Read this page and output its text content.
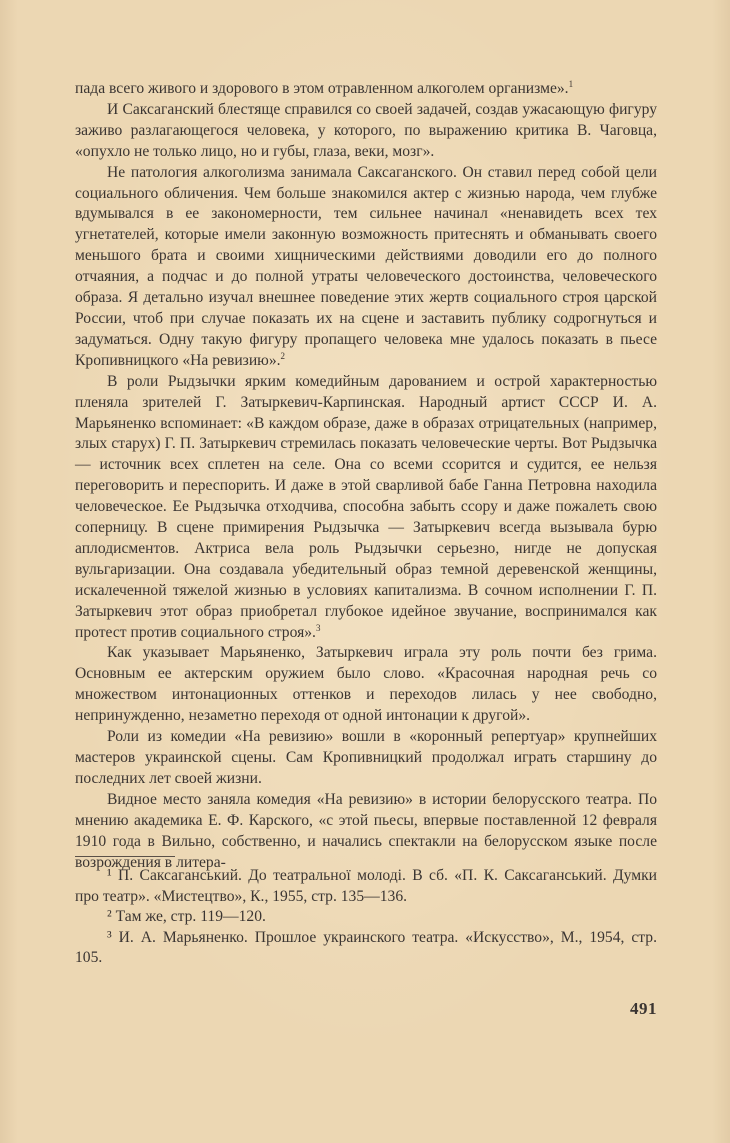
пада всего живого и здорового в этом отравленном алкоголем организме».$^1$

И Саксаганский блестяще справился со своей задачей, создав ужасающую фигуру заживо разлагающегося человека, у которого, по выражению критика В. Чаговца, «опухло не только лицо, но и губы, глаза, веки, мозг».

Не патология алкоголизма занимала Саксаганского. Он ставил перед собой цели социального обличения. Чем больше знакомился актер с жизнью народа, чем глубже вдумывался в ее закономерности, тем сильнее начинал «ненавидеть всех тех угнетателей, которые имели законную возможность притеснять и обманывать своего меньшого брата и своими хищническими действиями доводили его до полного отчаяния, а подчас и до полной утраты человеческого достоинства, человеческого образа. Я детально изучал внешнее поведение этих жертв социального строя царской России, чтоб при случае показать их на сцене и заставить публику содрогнуться и задуматься. Одну такую фигуру пропащего человека мне удалось показать в пьесе Кропивницкого «На ревизию».$^2$

В роли Рыдзычки ярким комедийным дарованием и острой характерностью пленяла зрителей Г. Затыркевич-Карпинская. Народный артист СССР И. А. Марьяненко вспоминает: «В каждом образе, даже в образах отрицательных (например, злых старух) Г. П. Затыркевич стремилась показать человеческие черты. Вот Рыдзычка — источник всех сплетен на селе. Она со всеми ссорится и судится, ее нельзя переговорить и переспорить. И даже в этой сварливой бабе Ганна Петровна находила человеческое. Ее Рыдзычка отходчива, способна забыть ссору и даже пожалеть свою соперницу. В сцене примирения Рыдзычка — Затыркевич всегда вызывала бурю аплодисментов. Актриса вела роль Рыдзычки серьезно, нигде не допуская вульгаризации. Она создавала убедительный образ темной деревенской женщины, искалеченной тяжелой жизнью в условиях капитализма. В сочном исполнении Г. П. Затыркевич этот образ приобретал глубокое идейное звучание, воспринимался как протест против социального строя».$^3$

Как указывает Марьяненко, Затыркевич играла эту роль почти без грима. Основным ее актерским оружием было слово. «Красочная народная речь со множеством интонационных оттенков и переходов лилась у нее свободно, непринужденно, незаметно переходя от одной интонации к другой».

Роли из комедии «На ревизию» вошли в «коронный репертуар» крупнейших мастеров украинской сцены. Сам Кропивницкий продолжал играть старшину до последних лет своей жизни.

Видное место заняла комедия «На ревизию» в истории белорусского театра. По мнению академика Е. Ф. Карского, «с этой пьесы, впервые поставленной 12 февраля 1910 года в Вильно, собственно, и начались спектакли на белорусском языке после возрождения в литера-

¹ П. Саксаганський. До театральної молоді. В сб. «П. К. Саксаганський. Думки про театр». «Мистецтво», К., 1955, стр. 135—136.

² Там же, стр. 119—120.

³ И. А. Марьяненко. Прошлое украинского театра. «Искусство», М., 1954, стр. 105.

491
